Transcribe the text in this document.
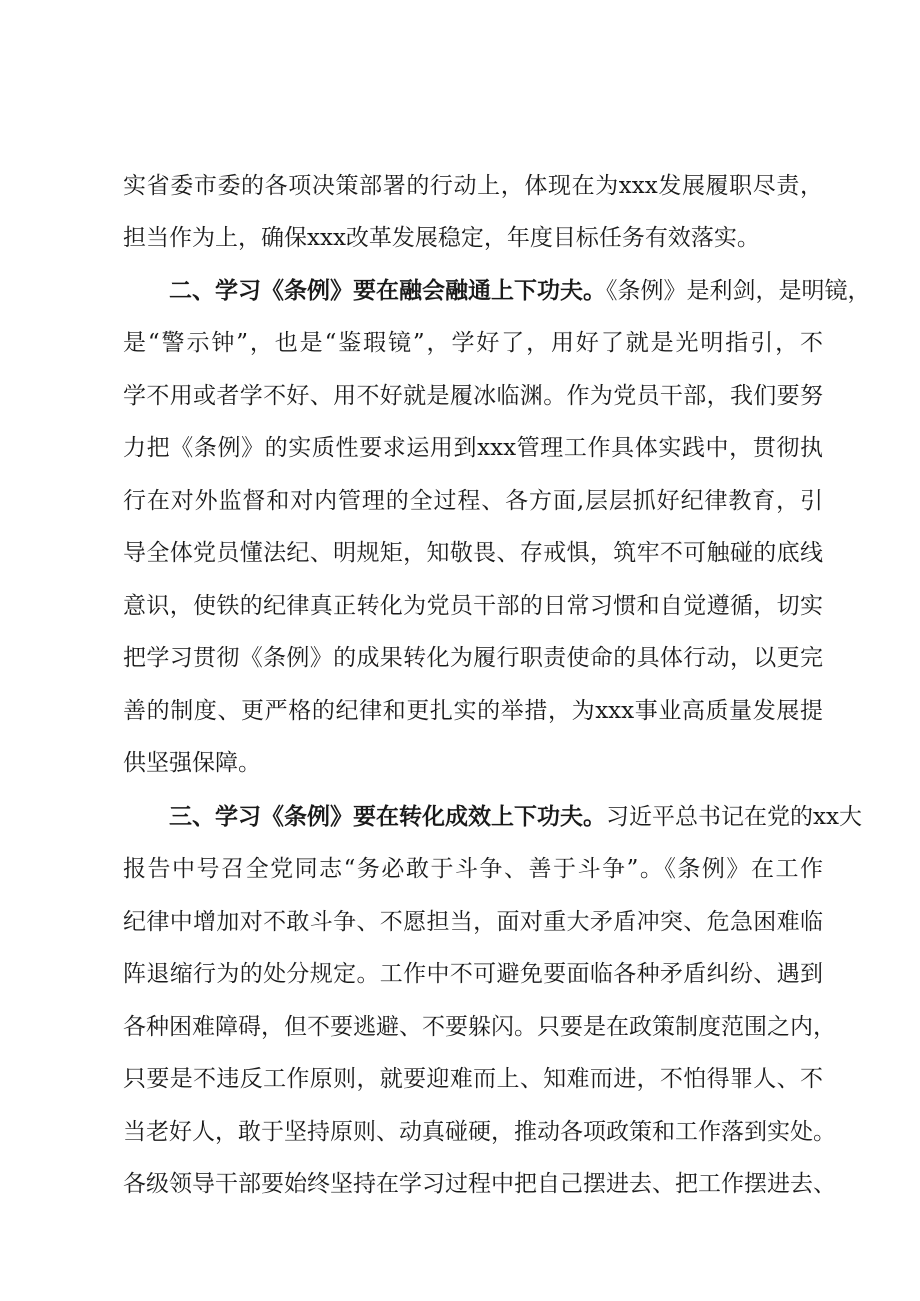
实省委市委的各项决策部署的行动上，体现在为xxx发展履职尽责，
担当作为上，确保xxx改革发展稳定，年度目标任务有效落实。
二、学习《条例》要在融会融通上下功夫。《条例》是利剑，是明镜，
是“警示钟”，也是“鉴瑕镜”，学好了，用好了就是光明指引，不
学不用或者学不好、用不好就是履冰临渊。作为党员干部，我们要努
力把《条例》的实质性要求运用到xxx管理工作具体实践中，贯彻执
行在对外监督和对内管理的全过程、各方面,层层抓好纪律教育，引
导全体党员懂法纪、明规矩，知敬畏、存戒惧，筑牢不可触碰的底线
意识，使铁的纪律真正转化为党员干部的日常习惯和自觉遵循，切实
把学习贯彻《条例》的成果转化为履行职责使命的具体行动，以更完
善的制度、更严格的纪律和更扎实的举措，为xxx事业高质量发展提
供坚强保障。
三、学习《条例》要在转化成效上下功夫。习近平总书记在党的xx大
报告中号召全党同志“务必敢于斗争、善于斗争”。《条例》在工作
纪律中增加对不敢斗争、不愿担当，面对重大矛盾冲突、危急困难临
阵退缩行为的处分规定。工作中不可避免要面临各种矛盾纠纷、遇到
各种困难障碍，但不要逃避、不要躲闪。只要是在政策制度范围之内，
只要是不违反工作原则，就要迎难而上、知难而进，不怕得罪人、不
当老好人，敢于坚持原则、动真碰硬，推动各项政策和工作落到实处。
各级领导干部要始终坚持在学习过程中把自己摆进去、把工作摆进去、
